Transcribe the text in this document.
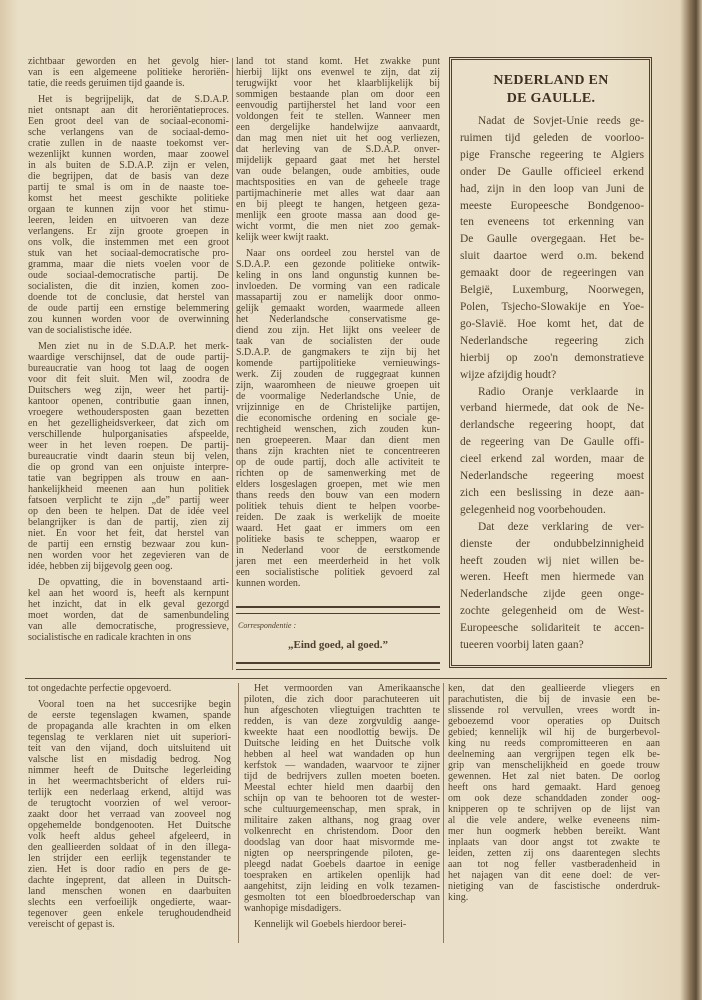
zichtbaar geworden en het gevolg hier-
van is een algemeene politieke heroriën-
tatie, die reeds geruimen tijd gaande is.
Het is begrijpelijk, dat de S.D.A.P.
niet ontsnapt aan dit heroriëntatieproces.
Een groot deel van de sociaal-economi-
sche verlangens van de sociaal-demo-
cratie zullen in de naaste toekomst ver-
wezenlijkt kunnen worden, maar zoowel
in als buiten de S.D.A.P. zijn er velen,
die begrijpen, dat de basis van deze
partij te smal is om in de naaste toe-
komst het meest geschikte politieke
orgaan te kunnen zijn voor het stimu-
leeren, leiden en uitvoeren van deze
verlangens. Er zijn groote groepen in
ons volk, die instemmen met een groot
stuk van het sociaal-democratische pro-
gramma, maar die niets voelen voor de
oude sociaal-democratische partij. De
socialisten, die dit inzien, komen zoo-
doende tot de conclusie, dat herstel van
de oude partij een ernstige belemmering
zou kunnen worden voor de overwinning
van de socialistische idée.
Men ziet nu in de S.D.A.P. het merk-
waardige verschijnsel, dat de oude partij-
bureaucratie van hoog tot laag de oogen
voor dit feit sluit. Men wil, zoodra de
Duitschers weg zijn, weer het partij-
kantoor openen, contributie gaan innen,
vroegere wethoudersposten gaan bezetten
en het gezelligheidsverkeer, dat zich om
verschillende hulporganisaties afspeelde,
weer in het leven roepen. De partij-
bureaucratie vindt daarin steun bij velen,
die op grond van een onjuiste interpre-
tatie van begrippen als trouw en aan-
hankelijkheid meenen aan hun politiek
fatsoen verplicht te zijn „de” partij weer
op den been te helpen. Dat de idée veel
belangrijker is dan de partij, zien zij
niet. En voor het feit, dat herstel van
de partij een ernstig bezwaar zou kun-
nen worden voor het zegevieren van de
idée, hebben zij bijgevolg geen oog.
De opvatting, die in bovenstaand arti-
kel aan het woord is, heeft als kernpunt
het inzicht, dat in elk geval gezorgd
moet worden, dat de samenbundeling
van alle democratische, progressieve,
socialistische en radicale krachten in ons
land tot stand komt. Het zwakke punt
hierbij lijkt ons evenwel te zijn, dat zij
terugwijkt voor het klaarblijkelijk bij
sommigen bestaande plan om door een
eenvoudig partijherstel het land voor een
voldongen feit te stellen. Wanneer men
een dergelijke handelwijze aanvaardt,
dan mag men niet uit het oog verliezen,
dat herleving van de S.D.A.P. onver-
mijdelijk gepaard gaat met het herstel
van oude belangen, oude ambities, oude
machtsposities en van de geheele trage
partijmachinerie met alles wat daar aan
en bij pleegt te hangen, hetgeen geza-
menlijk een groote massa aan dood ge-
wicht vormt, die men niet zoo gemak-
kelijk weer kwijt raakt.
Naar ons oordeel zou herstel van de
S.D.A.P. een gezonde politieke ontwik-
keling in ons land ongunstig kunnen be-
invloeden. De vorming van een radicale
massapartij zou er namelijk door onmo-
gelijk gemaakt worden, waarmede alleen
het Nederlandsche conservatisme ge-
diend zou zijn. Het lijkt ons veeleer de
taak van de socialisten der oude
S.D.A.P. de gangmakers te zijn bij het
komende partijpolitieke vernieuwings-
werk. Zij zouden de ruggegraat kunnen
zijn, waaromheen de nieuwe groepen uit
de voormalige Nederlandsche Unie, de
vrijzinnige en de Christelijke partijen,
die economische ordening en sociale ge-
rechtigheid wenschen, zich zouden kun-
nen groepeeren. Maar dan dient men
thans zijn krachten niet te concentreeren
op de oude partij, doch alle activiteit te
richten op de samenwerking met de
elders losgeslagen groepen, met wie men
thans reeds den bouw van een modern
politiek tehuis dient te helpen voorbe-
reiden. De zaak is werkelijk de moeite
waard. Het gaat er immers om een
politieke basis te scheppen, waarop er
in Nederland voor de eerstkomende
jaren met een meerderheid in het volk
een socialistische politiek gevoerd zal
kunnen worden.
Correspondentie :
„Eind goed, al goed.”
NEDERLAND EN
DE GAULLE.
Nadat de Sovjet-Unie reeds ge-
ruimen tijd geleden de voorloo-
pige Fransche regeering te Algiers
onder De Gaulle officieel erkend
had, zijn in den loop van Juni de
meeste Europeesche Bondgenoo-
ten eveneens tot erkenning van
De Gaulle overgegaan. Het be-
sluit daartoe werd o.m. bekend
gemaakt door de regeeringen van
België, Luxemburg, Noorwegen,
Polen, Tsjecho-Slowakije en Yoe-
go-Slavië. Hoe komt het, dat de
Nederlandsche regeering zich
hierbij op zoo'n demonstratieve
wijze afzijdig houdt?
Radio Oranje verklaarde in
verband hiermede, dat ook de Ne-
derlandsche regeering hoopt, dat
de regeering van De Gaulle offi-
cieel erkend zal worden, maar de
Nederlandsche regeering moest
zich een beslissing in deze aan-
gelegenheid nog voorbehouden.
Dat deze verklaring de ver-
dienste der ondubbelzinnigheid
heeft zouden wij niet willen be-
weren. Heeft men hiermede van
Nederlandsche zijde geen onge-
zochte gelegenheid om de West-
Europeesche solidariteit te accen-
tueeren voorbij laten gaan?
tot ongedachte perfectie opgevoerd.
Vooral toen na het succesrijke begin
de eerste tegenslagen kwamen, spande
de propaganda alle krachten in om elken
tegenslag te verklaren niet uit superiori-
teit van den vijand, doch uitsluitend uit
valsche list en misdadig bedrog. Nog
nimmer heeft de Duitsche legerleiding
in het weermachtsbericht of elders rui-
terlijk een nederlaag erkend, altijd was
de terugtocht voorzien of wel veroor-
zaakt door het verraad van zooveel nog
opgehemelde bondgenooten. Het Duitsche
volk heeft aldus geheel afgeleerd, in
den geallieerden soldaat of in den illega-
len strijder een eerlijk tegenstander te
zien. Het is door radio en pers de ge-
dachte ingeprent, dat alleen in Duitsch-
land menschen wonen en daarbuiten
slechts een verfoeilijk ongedierte, waar-
tegenover geen enkele terughoudendheid
vereischt of gepast is.
Het vermoorden van Amerikaansche
piloten, die zich door parachuteeren uit
hun afgeschoten vliegtuigen trachtten te
redden, is van deze zorgvuldig aange-
kweekte haat een noodlottig bewijs. De
Duitsche leiding en het Duitsche volk
hebben al heel wat wandaden op hun
kerfstok — wandaden, waarvoor te zijner
tijd de bedrijvers zullen moeten boeten.
Meestal echter hield men daarbij den
schijn op van te behooren tot de wester-
sche cultuurgemeenschap, men sprak, in
militaire zaken althans, nog graag over
volkenrecht en christendom. Door den
doodslag van door haat misvormde me-
nigten op neerspringende piloten, ge-
pleegd nadat Goebels daartoe in eenige
toespraken en artikelen openlijk had
aangehitst, zijn leiding en volk tezamen-
gesmolten tot een bloedbroederschap van
wanhopige misdadigers.
Kennelijk wil Goebels hierdoor berei-
ken, dat den geallieerde vliegers en
parachutisten, die bij de invasie een be-
slissende rol vervullen, vrees wordt in-
geboezemd voor operaties op Duitsch
gebied; kennelijk wil hij de burgerbevol-
king nu reeds compromitteeren en aan
deelneming aan vergrijpen tegen elk be-
grip van menschelijkheid en goede trouw
gewennen. Het zal niet baten. De oorlog
heeft ons hard gemaakt. Hard genoeg
om ook deze schanddaden zonder oog-
knipperen op te schrijven op de lijst van
al die vele andere, welke eveneens nim-
mer hun oogmerk hebben bereikt. Want
inplaats van door angst tot zwakte te
leiden, zetten zij ons daarentegen slechts
aan tot nog feller vastberadenheid in
het najagen van dit eene doel: de ver-
nietiging van de fascistische onderdruk-
king.
